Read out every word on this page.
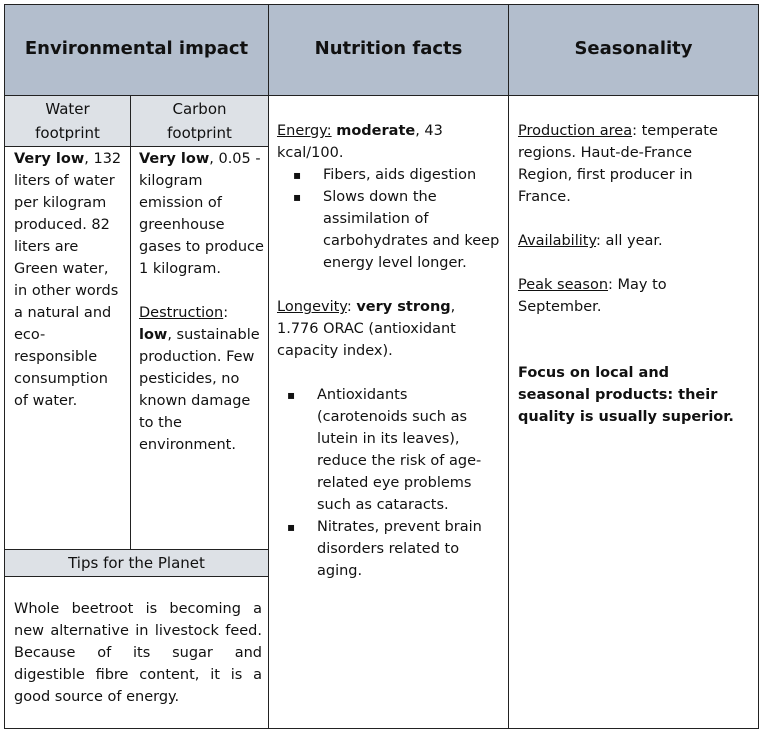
Environmental impact	Nutrition facts	Seasonality
Water
footprint
Carbon
footprint

Very low, 132 liters of water per kilogram produced. 82 liters are Green water, in other words a natural and eco-responsible consumption of water.

Very low, 0.05 - kilogram emission of greenhouse gases to produce 1 kilogram.

Destruction: low, sustainable production. Few pesticides, no known damage to the environment.

Tips for the Planet
Whole beetroot is becoming a new alternative in livestock feed. Because of its sugar and digestible fibre content, it is a good source of energy.

Energy: moderate, 43 kcal/100.

▪ Fibers, aids digestion
▪ Slows down the assimilation of carbohydrates and keep energy level longer.

Longevity: very strong, 1.776 ORAC (antioxidant capacity index).

▪ Antioxidants (carotenoids such as lutein in its leaves), reduce the risk of age-related eye problems such as cataracts.
▪ Nitrates, prevent brain disorders related to aging.

Production area: temperate regions. Haut-de-France Region, first producer in France.

Availability: all year.

Peak season: May to September.

Focus on local and seasonal products: their quality is usually superior.
